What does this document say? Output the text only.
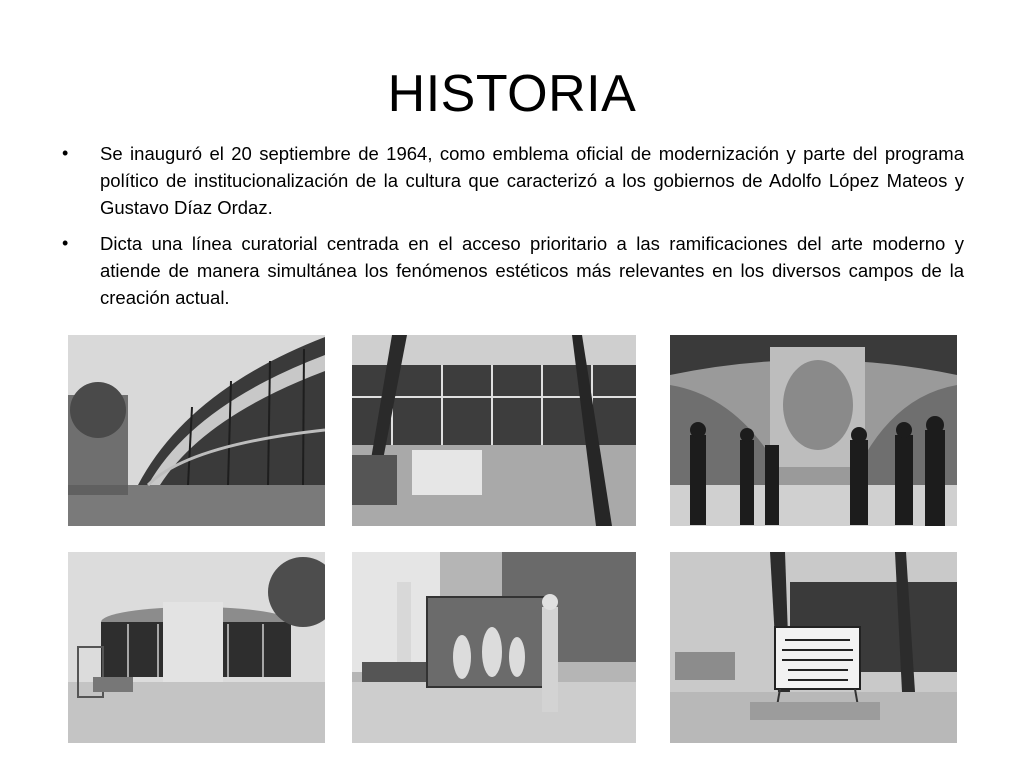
HISTORIA
•	Se inauguró el 20 septiembre de 1964, como emblema oficial de modernización y parte del programa político de institucionalización de la cultura que caracterizó a los gobiernos de Adolfo López Mateos y Gustavo Díaz Ordaz.
•	Dicta una línea curatorial centrada en el acceso prioritario a las ramificaciones del arte moderno y atiende de manera simultánea los fenómenos estéticos más relevantes en los diversos campos de la creación actual.
